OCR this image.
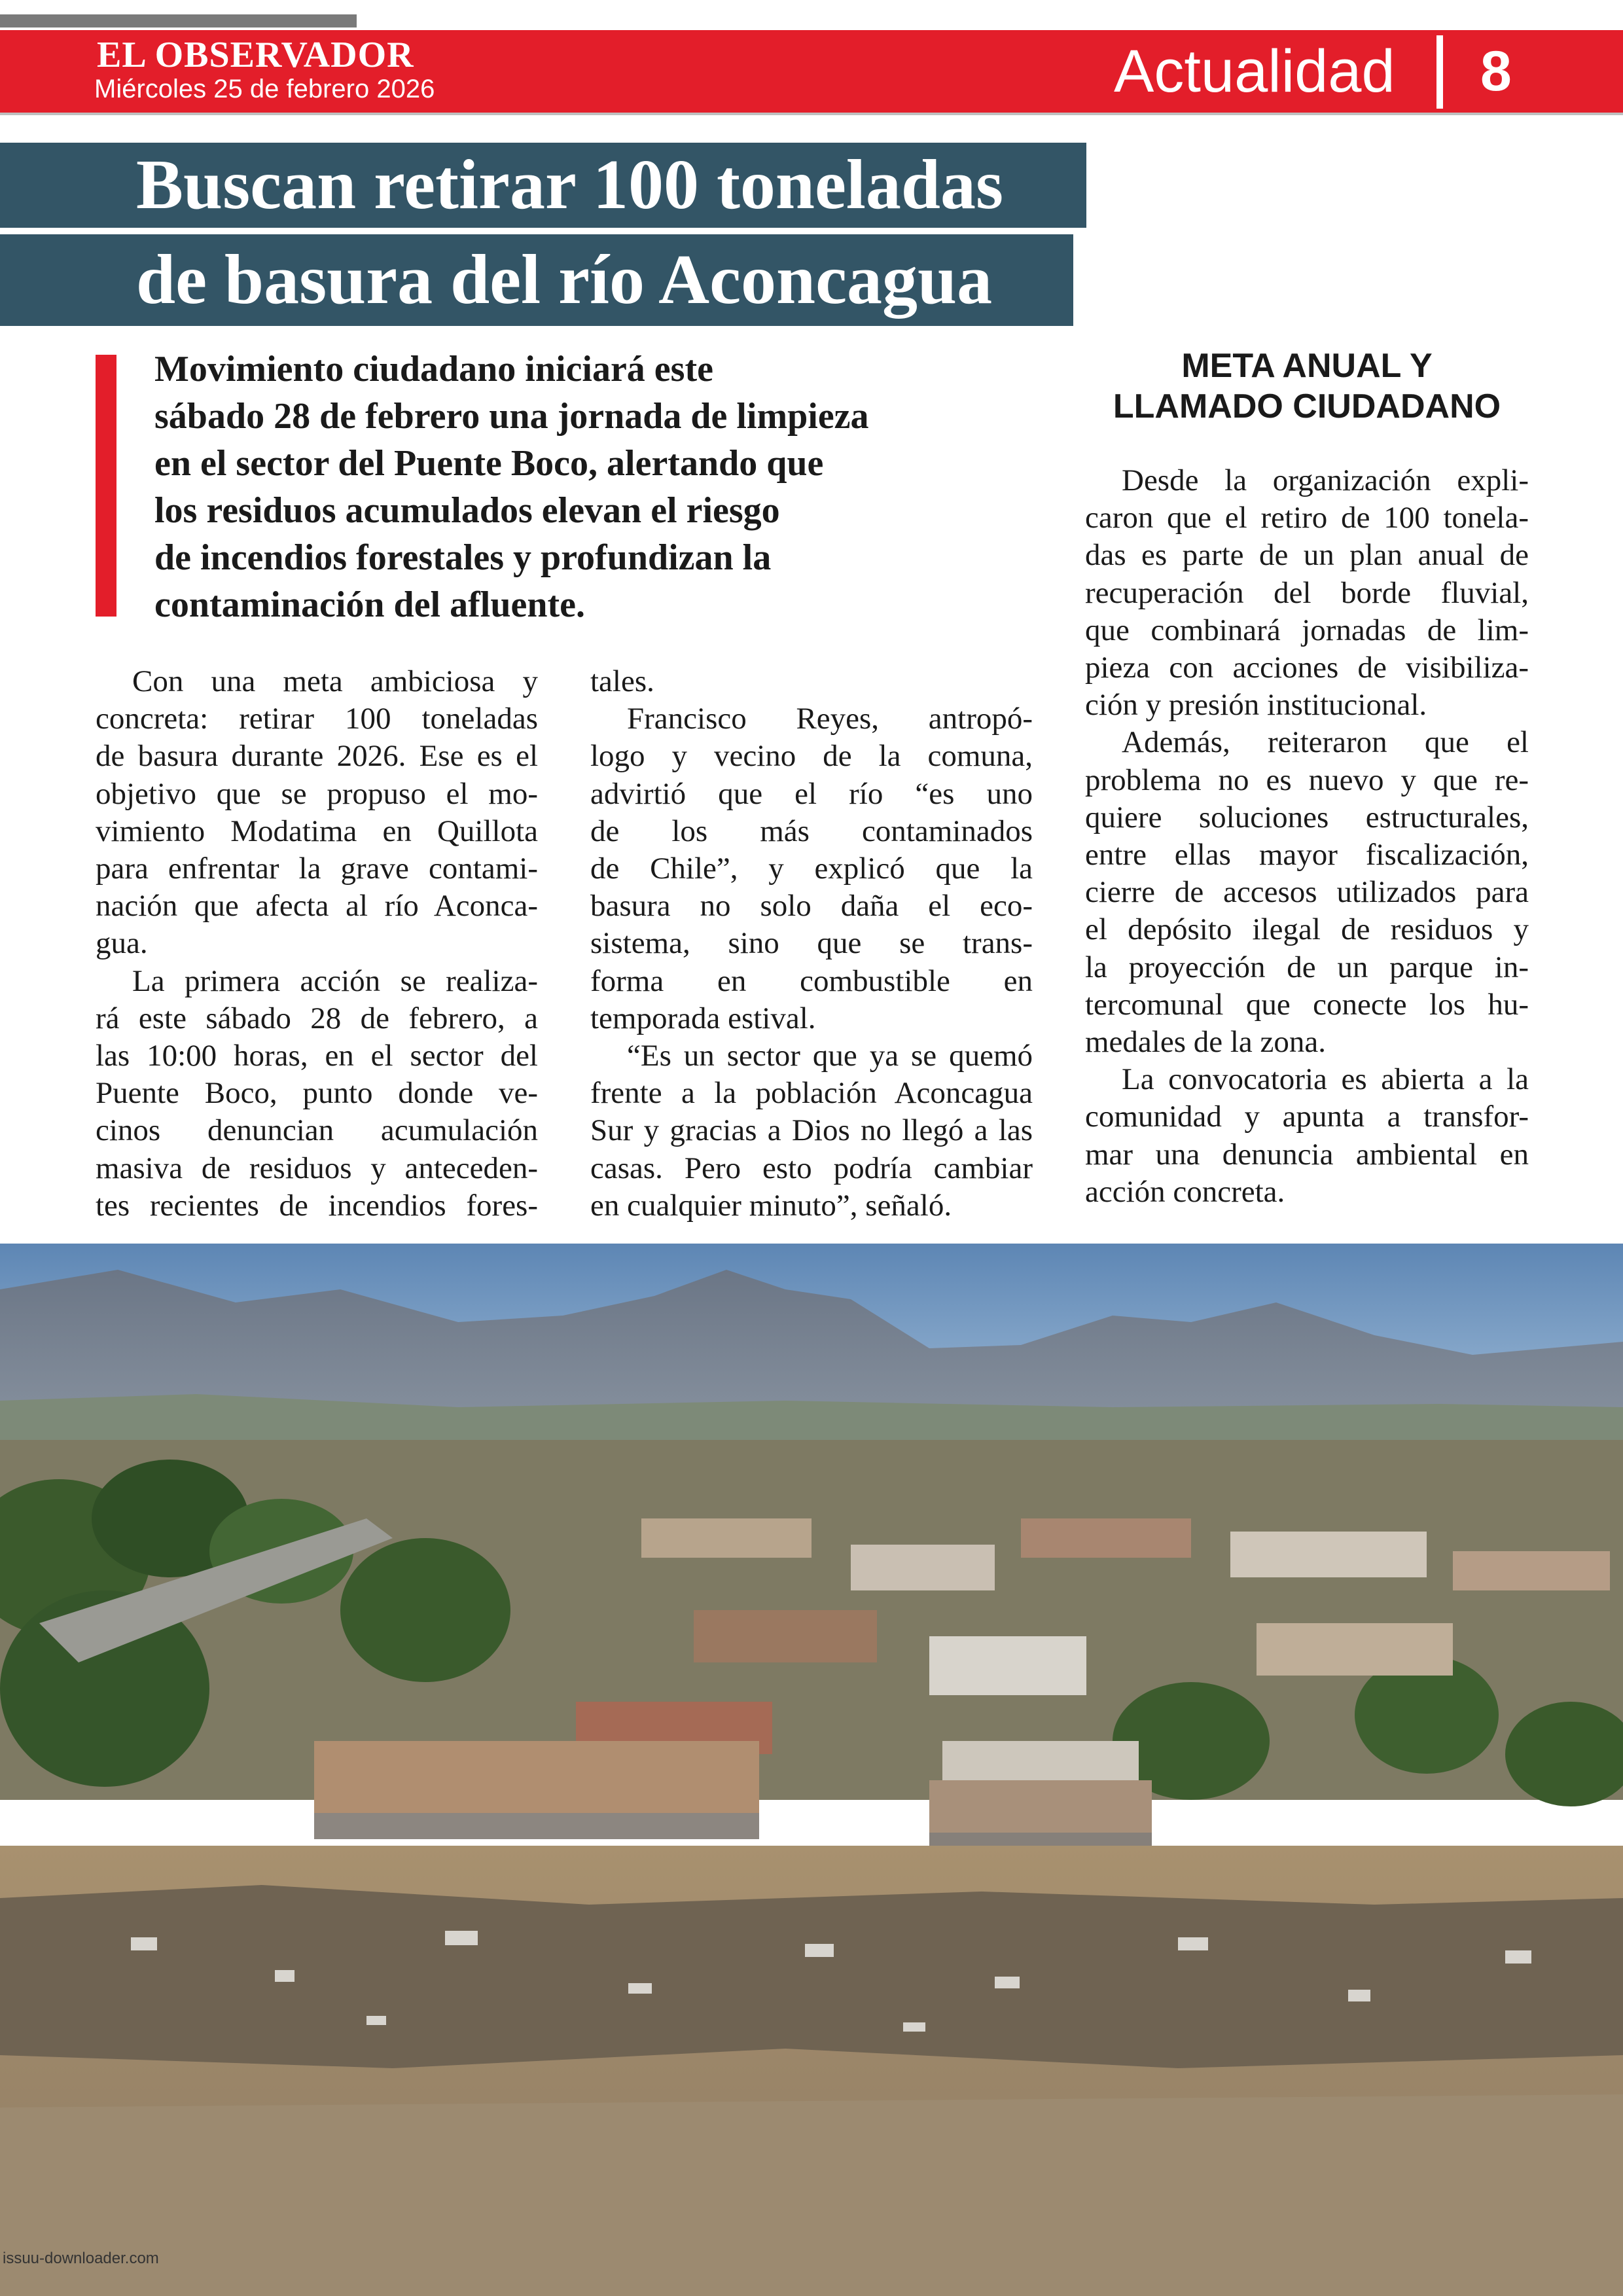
EL OBSERVADOR
Miércoles 25 de febrero 2026	Actualidad 8
Buscan retirar 100 toneladas
de basura del río Aconcagua
Movimiento ciudadano iniciará este
sábado 28 de febrero una jornada de limpieza
en el sector del Puente Boco, alertando que
los residuos acumulados elevan el riesgo
de incendios forestales y profundizan la
contaminación del afluente.
Con una meta ambiciosa y
concreta: retirar 100 toneladas
de basura durante 2026. Ese es el
objetivo que se propuso el mo-
vimiento Modatima en Quillota
para enfrentar la grave contami-
nación que afecta al río Aconca-
gua.
La primera acción se realiza-
rá este sábado 28 de febrero, a
las 10:00 horas, en el sector del
Puente Boco, punto donde ve-
cinos denuncian acumulación
masiva de residuos y anteceden-
tes recientes de incendios fores-
tales.
Francisco Reyes, antropó-
logo y vecino de la comuna,
advirtió que el río “es uno
de los más contaminados
de Chile”, y explicó que la
basura no solo daña el eco-
sistema, sino que se trans-
forma en combustible en
temporada estival.
“Es un sector que ya se quemó
frente a la población Aconcagua
Sur y gracias a Dios no llegó a las
casas. Pero esto podría cambiar
en cualquier minuto”, señaló.
META ANUAL Y
LLAMADO CIUDADANO
Desde la organización expli-
caron que el retiro de 100 tonela-
das es parte de un plan anual de
recuperación del borde fluvial,
que combinará jornadas de lim-
pieza con acciones de visibiliza-
ción y presión institucional.
Además, reiteraron que el
problema no es nuevo y que re-
quiere soluciones estructurales,
entre ellas mayor fiscalización,
cierre de accesos utilizados para
el depósito ilegal de residuos y
la proyección de un parque in-
tercomunal que conecte los hu-
medales de la zona.
La convocatoria es abierta a la
comunidad y apunta a transfor-
mar una denuncia ambiental en
acción concreta.
issuu-downloader.com
